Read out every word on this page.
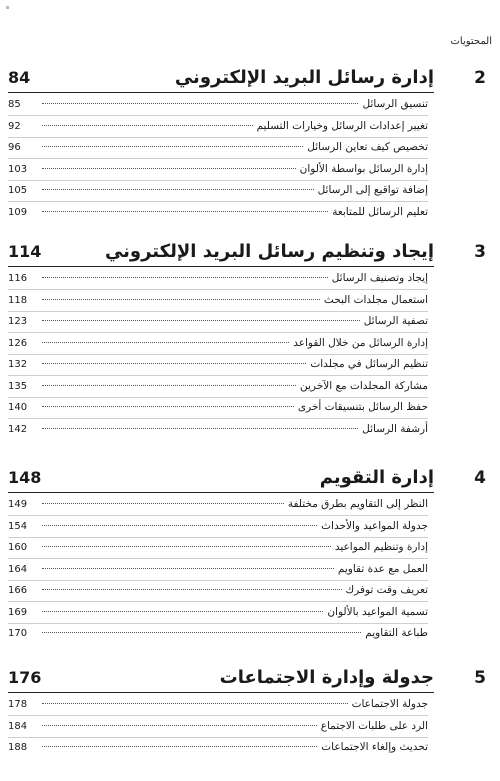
المحتويات
84	إدارة رسائل البريد الإلكتروني 2
85	تنسيق الرسائل
92	تغيير إعدادات الرسائل وخيارات التسليم
96	تخصيص كيف تعاين الرسائل
103	إدارة الرسائل بواسطة الألوان
105	إضافة تواقيع إلى الرسائل
109	تعليم الرسائل للمتابعة
114	إيجاد وتنظيم رسائل البريد الإلكتروني 3
116	إيجاد وتصنيف الرسائل
118	استعمال مجلدات البحث
123	تصفية الرسائل
126	إدارة الرسائل من خلال القواعد
132	تنظيم الرسائل في مجلدات
135	مشاركة المجلدات مع الآخرين
140	حفظ الرسائل بتنسيقات أخرى
142	أرشفة الرسائل
148	إدارة التقويم 4
149	النظر إلى التقاويم بطرق مختلفة
154	جدولة المواعيد والأحداث
160	إدارة وتنظيم المواعيد
164	العمل مع عدة تقاويم
166	تعريف وقت توفرك
169	تسمية المواعيد بالألوان
170	طباعة التقاويم
176	جدولة وإدارة الاجتماعات 5
178	جدولة الاجتماعات
184	الرد على طلبات الاجتماع
188	تحديث وإلغاء الاجتماعات
